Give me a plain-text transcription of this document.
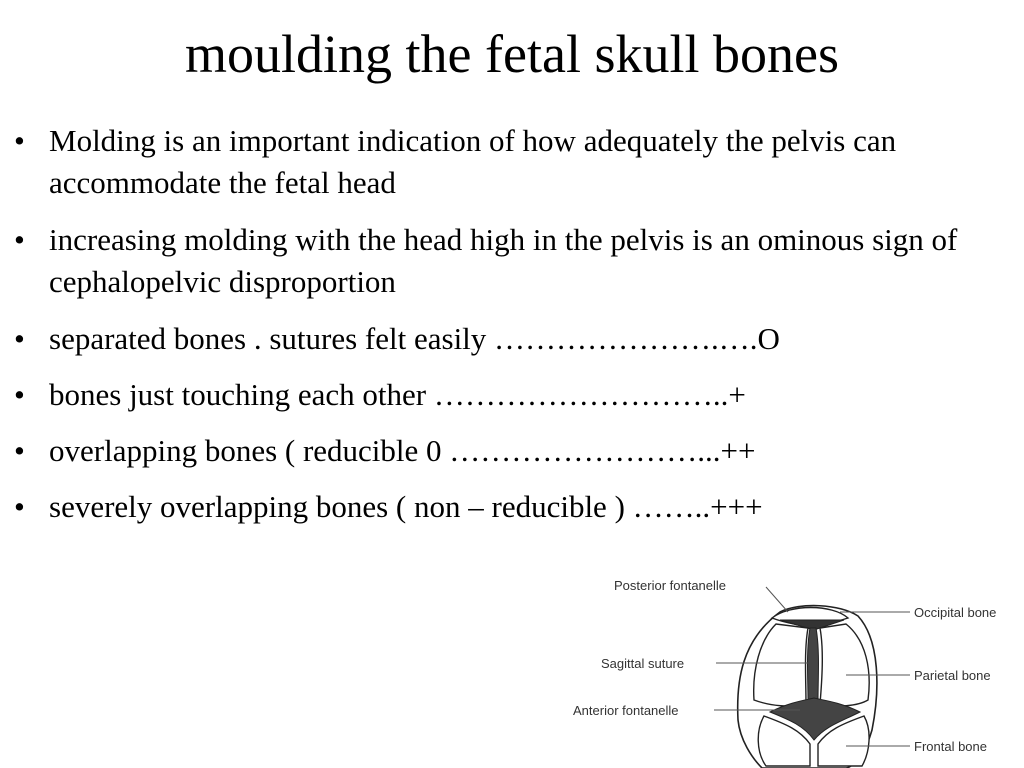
moulding the fetal skull bones
• Molding is an important indication of how adequately the pelvis can accommodate the fetal head
• increasing molding with the head high in the pelvis is an ominous sign of cephalopelvic disproportion
• separated bones . sutures felt easily ………………….….O
• bones just touching each other ………………………..+
• overlapping bones ( reducible 0 ……………………...++
• severely overlapping bones ( non – reducible ) ……..+++
Posterior fontanelle
Occipital bone
Sagittal suture
Parietal bone
Anterior fontanelle
Frontal bone
